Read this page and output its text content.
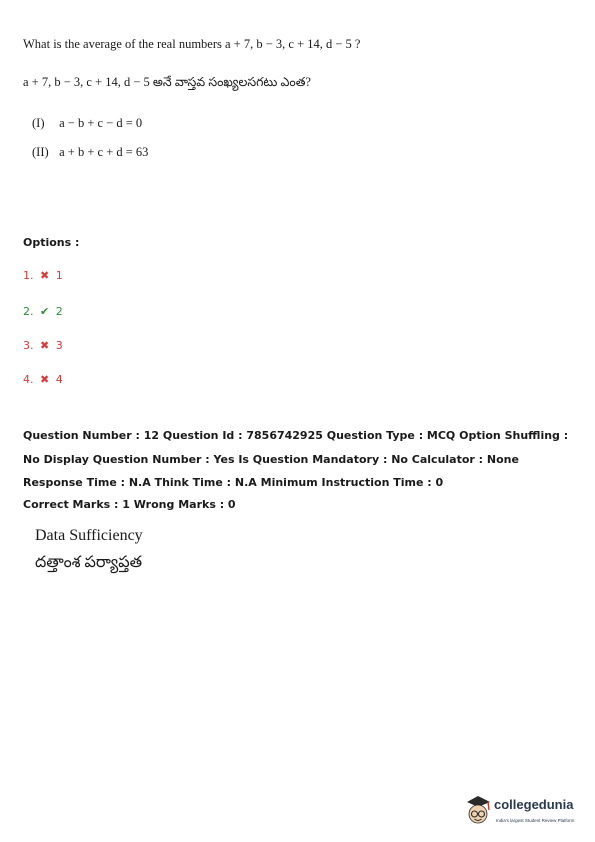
What is the average of the real numbers a + 7, b − 3, c + 14, d − 5 ?
a + 7, b − 3, c + 14, d − 5 అనే వాస్తవ సంఖ్యలసగటు ఎంత?
(I) a − b + c − d = 0
(II) a + b + c + d = 63
Options :
1. ✖ 1
2. ✔ 2
3. ✖ 3
4. ✖ 4
Question Number : 12 Question Id : 7856742925 Question Type : MCQ Option Shuffling : No Display Question Number : Yes Is Question Mandatory : No Calculator : None Response Time : N.A Think Time : N.A Minimum Instruction Time : 0
Correct Marks : 1 Wrong Marks : 0
Data Sufficiency
దత్తాంశ పర్యాప్తత
collegedunia
India's largest Student Review Platform
